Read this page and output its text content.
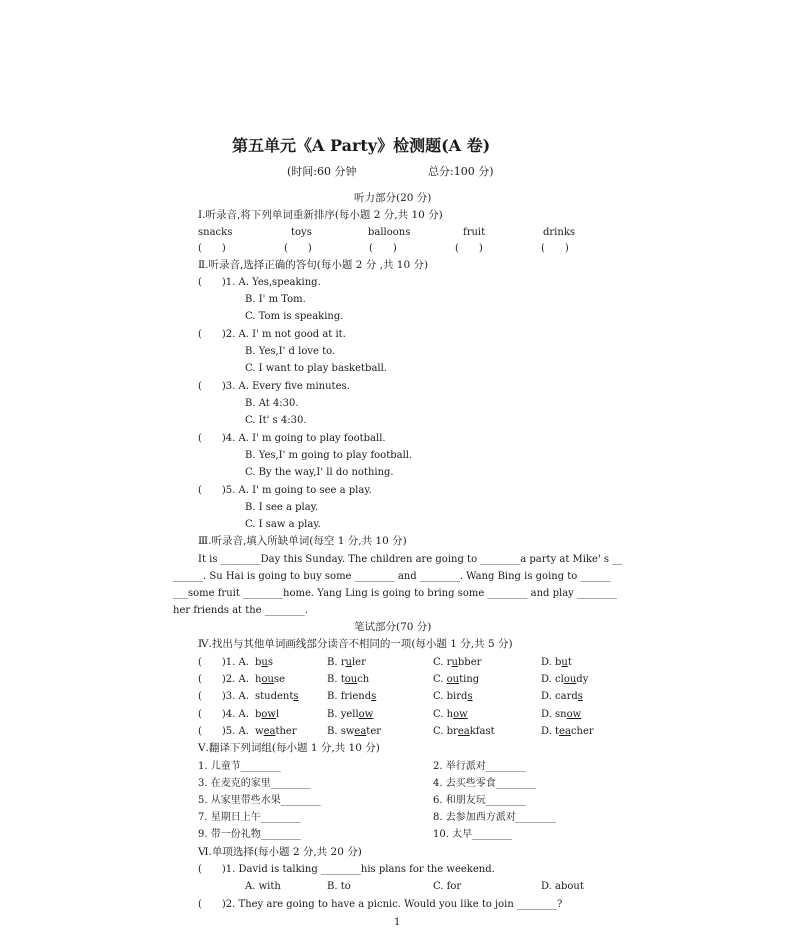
第五单元《A Party》检测题(A 卷)
(时间:60 分钟	总分:100 分)
听力部分(20 分)
Ⅰ.听录音,将下列单词重新排序(每小题 2 分,共 10 分)
snacks	toys	balloons	fruit	drinks
(　　)	(　　)	(　　)	(　　)	(　　)
Ⅱ.听录音,选择正确的答句(每小题 2 分 ,共 10 分)
(　　)1. A. Yes,speaking.
B. I' m Tom.
C. Tom is speaking.
(　　)2. A. I' m not good at it.
B. Yes,I' d love to.
C. I want to play basketball.
(　　)3. A. Every five minutes.
B. At 4:30.
C. It' s 4:30.
(　　)4. A. I' m going to play football.
B. Yes,I' m going to play football.
C. By the way,I' ll do nothing.
(　　)5. A. I' m going to see a play.
B. I see a play.
C. I saw a play.
Ⅲ.听录音,填入所缺单词(每空 1 分,共 10 分)
It is ________Day this Sunday. The children are going to ________a party at Mike' s __
______. Su Hai is going to buy some ________ and ________. Wang Bing is going to ______
___some fruit ________home. Yang Ling is going to bring some ________ and play ________
her friends at the ________.
笔试部分(70 分)
Ⅳ.找出与其他单词画线部分读音不相同的一项(每小题 1 分,共 5 分)
(　　)1. A. bus	B. ruler	C. rubber	D. but
(　　)2. A. house	B. touch	C. outing	D. cloudy
(　　)3. A. students	B. friends	C. birds	D. cards
(　　)4. A. bowl	B. yellow	C. how	D. snow
(　　)5. A. weather	B. sweater	C. breakfast	D. teacher
Ⅴ.翻译下列词组(每小题 1 分,共 10 分)
1. 儿童节________	2. 举行派对________
3. 在麦克的家里________	4. 去买些零食________
5. 从家里带些水果________	6. 和朋友玩________
7. 星期日上午________	8. 去参加西方派对________
9. 带一份礼物________	10. 太早________
Ⅵ.单项选择(每小题 2 分,共 20 分)
(　　)1. David is talking ________his plans for the weekend.
A. with	B. to	C. for	D. about
(　　)2. They are going to have a picnic. Would you like to join ________?
1
